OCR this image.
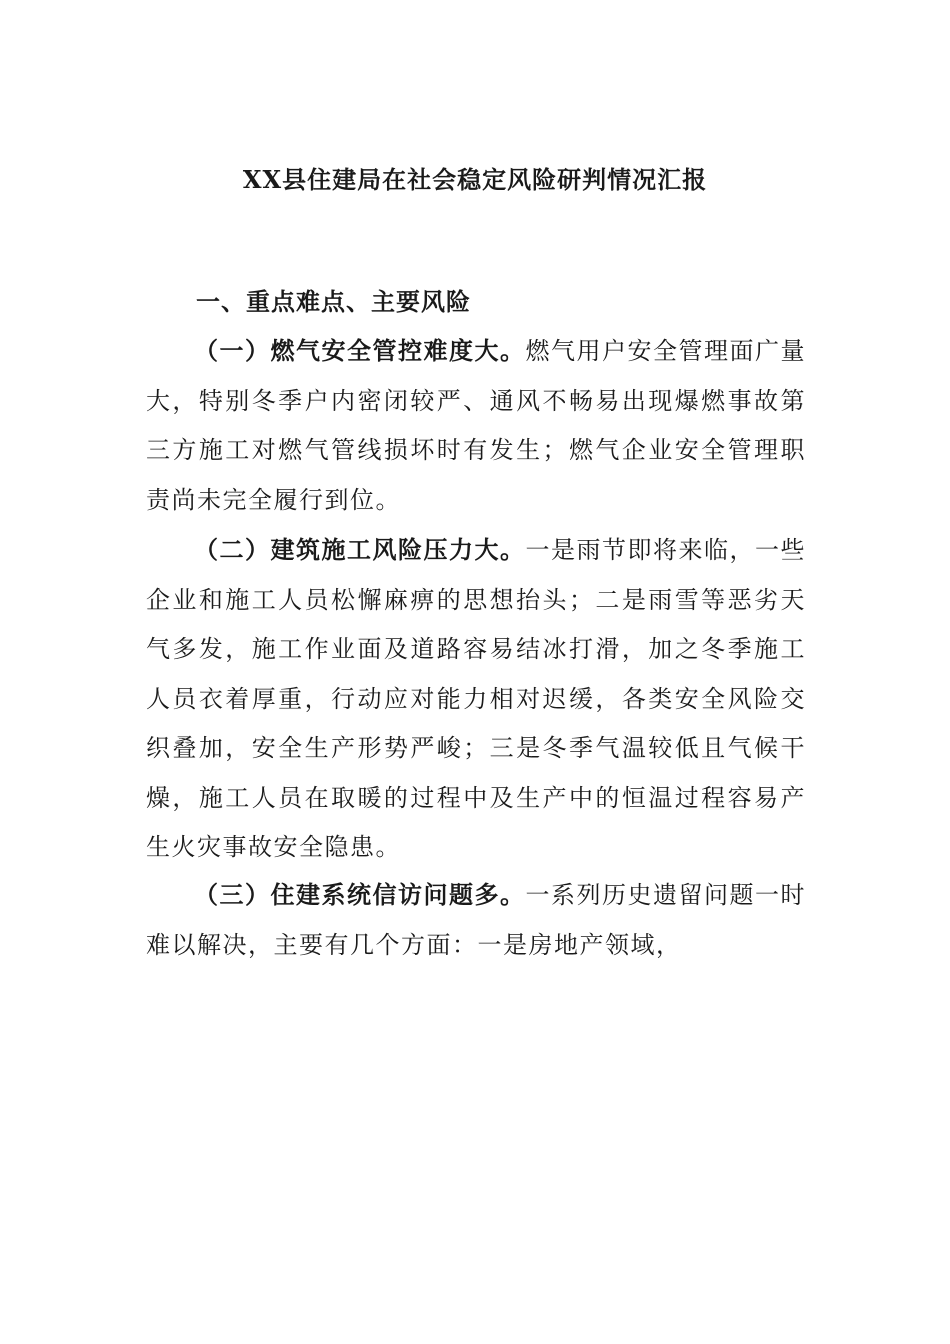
XX县住建局在社会稳定风险研判情况汇报
一、重点难点、主要风险

（一）燃气安全管控难度大。燃气用户安全管理面广量大，特别冬季户内密闭较严、通风不畅易出现爆燃事故第三方施工对燃气管线损坏时有发生；燃气企业安全管理职责尚未完全履行到位。

（二）建筑施工风险压力大。一是雨节即将来临，一些企业和施工人员松懈麻痹的思想抬头；二是雨雪等恶劣天气多发，施工作业面及道路容易结冰打滑，加之冬季施工人员衣着厚重，行动应对能力相对迟缓，各类安全风险交织叠加，安全生产形势严峻；三是冬季气温较低且气候干燥，施工人员在取暖的过程中及生产中的恒温过程容易产生火灾事故安全隐患。

（三）住建系统信访问题多。一系列历史遗留问题一时难以解决，主要有几个方面：一是房地产领域，
